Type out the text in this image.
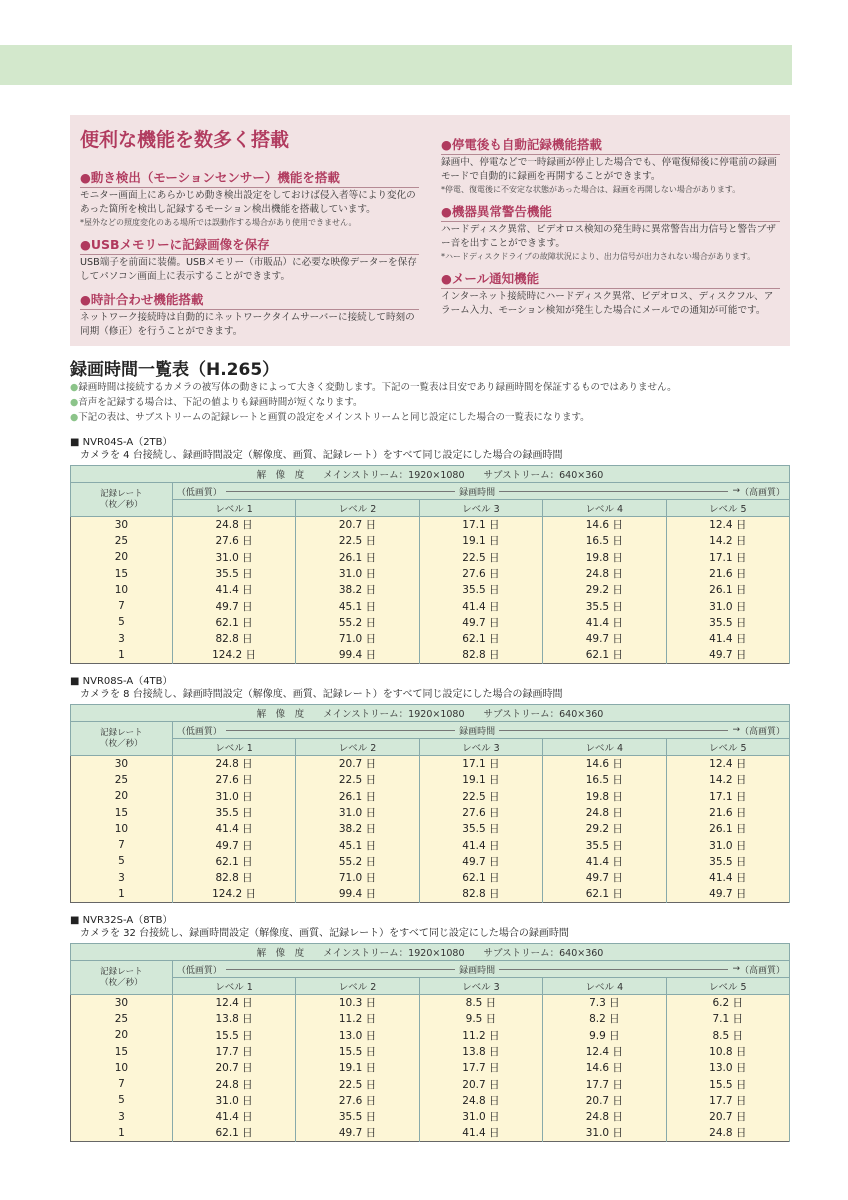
便利な機能を数多く搭載
●動き検出（モーションセンサー）機能を搭載
モニター画面上にあらかじめ動き検出設定をしておけば侵入者等により変化のあった箇所を検出し記録するモーション検出機能を搭載しています。
*屋外などの照度変化のある場所では誤動作する場合があり使用できません。
●USBメモリーに記録画像を保存
USB端子を前面に装備。USBメモリー（市販品）に必要な映像データーを保存してパソコン画面上に表示することができます。
●時計合わせ機能搭載
ネットワーク接続時は自動的にネットワークタイムサーバーに接続して時刻の同期（修正）を行うことができます。
●停電後も自動記録機能搭載
録画中、停電などで一時録画が停止した場合でも、停電復帰後に停電前の録画モードで自動的に録画を再開することができます。
*停電、復電後に不安定な状態があった場合は、録画を再開しない場合があります。
●機器異常警告機能
ハードディスク異常、ビデオロス検知の発生時に異常警告出力信号と警告ブザー音を出すことができます。
*ハードディスクドライブの故障状況により、出力信号が出力されない場合があります。
●メール通知機能
インターネット接続時にハードディスク異常、ビデオロス、ディスクフル、アラーム入力、モーション検知が発生した場合にメールでの通知が可能です。
録画時間一覧表（H.265）
● 録画時間は接続するカメラの被写体の動きによって大きく変動します。下記の一覧表は目安であり録画時間を保証するものではありません。
● 音声を記録する場合は、下記の値よりも録画時間が短くなります。
● 下記の表は、サブストリームの記録レートと画質の設定をメインストリームと同じ設定にした場合の一覧表になります。
■ NVR04S-A（2TB）
カメラを 4 台接続し、録画時間設定（解像度、画質、記録レート）をすべて同じ設定にした場合の録画時間
解　像　度　　メインストリーム：1920×1080　　サブストリーム：640×360					
記録レート
（枚／秒）	（低画質） 録画時間 → （高画質）				

	レベル 1	レベル 2	レベル 3	レベル 4	レベル 5
30	24.8 日	20.7 日	17.1 日	14.6 日	12.4 日
25	27.6 日	22.5 日	19.1 日	16.5 日	14.2 日
20	31.0 日	26.1 日	22.5 日	19.8 日	17.1 日
15	35.5 日	31.0 日	27.6 日	24.8 日	21.6 日
10	41.4 日	38.2 日	35.5 日	29.2 日	26.1 日
7	49.7 日	45.1 日	41.4 日	35.5 日	31.0 日
5	62.1 日	55.2 日	49.7 日	41.4 日	35.5 日
3	82.8 日	71.0 日	62.1 日	49.7 日	41.4 日
1	124.2 日	99.4 日	82.8 日	62.1 日	49.7 日
■ NVR08S-A（4TB）
カメラを 8 台接続し、録画時間設定（解像度、画質、記録レート）をすべて同じ設定にした場合の録画時間
解　像　度　　メインストリーム：1920×1080　　サブストリーム：640×360					
記録レート
（枚／秒）	（低画質） 録画時間 → （高画質）				

	レベル 1	レベル 2	レベル 3	レベル 4	レベル 5
30	24.8 日	20.7 日	17.1 日	14.6 日	12.4 日
25	27.6 日	22.5 日	19.1 日	16.5 日	14.2 日
20	31.0 日	26.1 日	22.5 日	19.8 日	17.1 日
15	35.5 日	31.0 日	27.6 日	24.8 日	21.6 日
10	41.4 日	38.2 日	35.5 日	29.2 日	26.1 日
7	49.7 日	45.1 日	41.4 日	35.5 日	31.0 日
5	62.1 日	55.2 日	49.7 日	41.4 日	35.5 日
3	82.8 日	71.0 日	62.1 日	49.7 日	41.4 日
1	124.2 日	99.4 日	82.8 日	62.1 日	49.7 日
■ NVR32S-A（8TB）
カメラを 32 台接続し、録画時間設定（解像度、画質、記録レート）をすべて同じ設定にした場合の録画時間
解　像　度　　メインストリーム：1920×1080　　サブストリーム：640×360					
記録レート
（枚／秒）	（低画質） 録画時間 → （高画質）				

	レベル 1	レベル 2	レベル 3	レベル 4	レベル 5
30	12.4 日	10.3 日	8.5 日	7.3 日	6.2 日
25	13.8 日	11.2 日	9.5 日	8.2 日	7.1 日
20	15.5 日	13.0 日	11.2 日	9.9 日	8.5 日
15	17.7 日	15.5 日	13.8 日	12.4 日	10.8 日
10	20.7 日	19.1 日	17.7 日	14.6 日	13.0 日
7	24.8 日	22.5 日	20.7 日	17.7 日	15.5 日
5	31.0 日	27.6 日	24.8 日	20.7 日	17.7 日
3	41.4 日	35.5 日	31.0 日	24.8 日	20.7 日
1	62.1 日	49.7 日	41.4 日	31.0 日	24.8 日
